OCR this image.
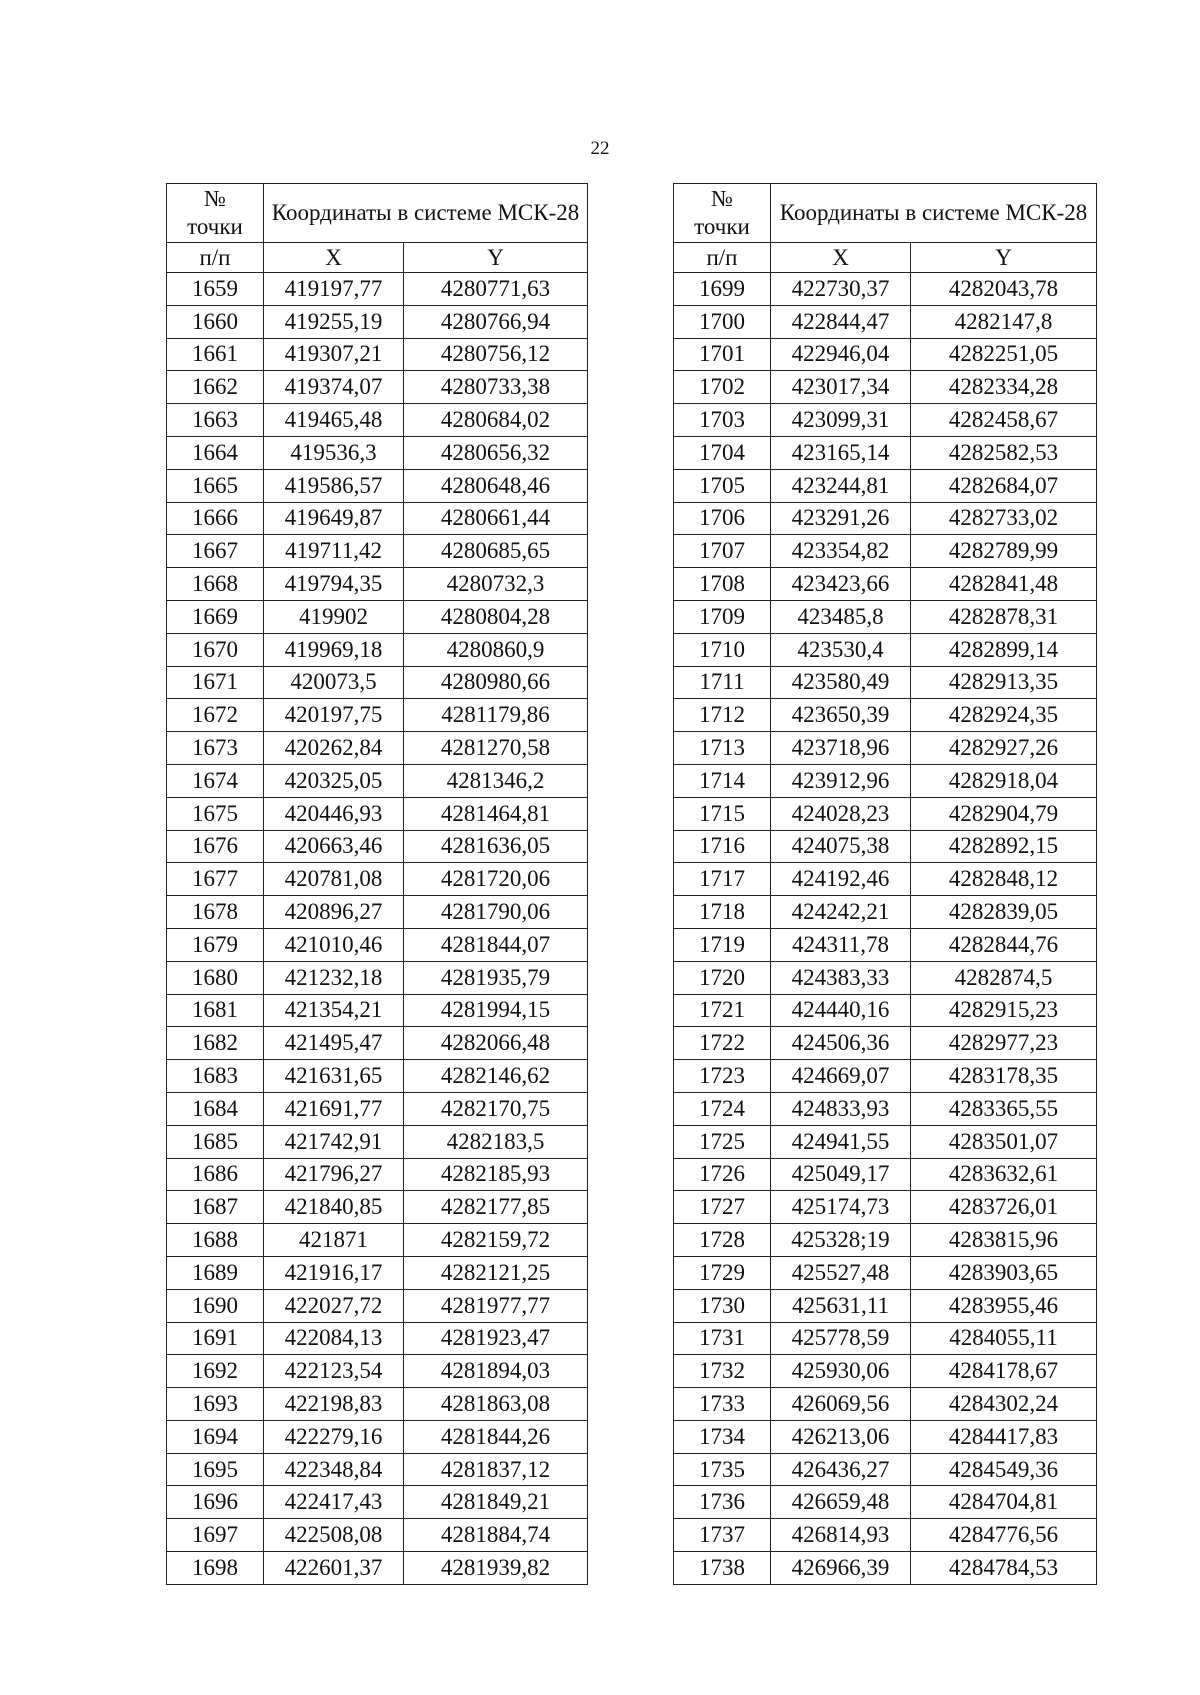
22
№
точки	Координаты в системе МСК-28	
п/п	X	Y
1659	419197,77	4280771,63
1660	419255,19	4280766,94
1661	419307,21	4280756,12
1662	419374,07	4280733,38
1663	419465,48	4280684,02
1664	419536,3	4280656,32
1665	419586,57	4280648,46
1666	419649,87	4280661,44
1667	419711,42	4280685,65
1668	419794,35	4280732,3
1669	419902	4280804,28
1670	419969,18	4280860,9
1671	420073,5	4280980,66
1672	420197,75	4281179,86
1673	420262,84	4281270,58
1674	420325,05	4281346,2
1675	420446,93	4281464,81
1676	420663,46	4281636,05
1677	420781,08	4281720,06
1678	420896,27	4281790,06
1679	421010,46	4281844,07
1680	421232,18	4281935,79
1681	421354,21	4281994,15
1682	421495,47	4282066,48
1683	421631,65	4282146,62
1684	421691,77	4282170,75
1685	421742,91	4282183,5
1686	421796,27	4282185,93
1687	421840,85	4282177,85
1688	421871	4282159,72
1689	421916,17	4282121,25
1690	422027,72	4281977,77
1691	422084,13	4281923,47
1692	422123,54	4281894,03
1693	422198,83	4281863,08
1694	422279,16	4281844,26
1695	422348,84	4281837,12
1696	422417,43	4281849,21
1697	422508,08	4281884,74
1698	422601,37	4281939,82
№
точки	Координаты в системе МСК-28	
п/п	X	Y
1699	422730,37	4282043,78
1700	422844,47	4282147,8
1701	422946,04	4282251,05
1702	423017,34	4282334,28
1703	423099,31	4282458,67
1704	423165,14	4282582,53
1705	423244,81	4282684,07
1706	423291,26	4282733,02
1707	423354,82	4282789,99
1708	423423,66	4282841,48
1709	423485,8	4282878,31
1710	423530,4	4282899,14
1711	423580,49	4282913,35
1712	423650,39	4282924,35
1713	423718,96	4282927,26
1714	423912,96	4282918,04
1715	424028,23	4282904,79
1716	424075,38	4282892,15
1717	424192,46	4282848,12
1718	424242,21	4282839,05
1719	424311,78	4282844,76
1720	424383,33	4282874,5
1721	424440,16	4282915,23
1722	424506,36	4282977,23
1723	424669,07	4283178,35
1724	424833,93	4283365,55
1725	424941,55	4283501,07
1726	425049,17	4283632,61
1727	425174,73	4283726,01
1728	425328;19	4283815,96
1729	425527,48	4283903,65
1730	425631,11	4283955,46
1731	425778,59	4284055,11
1732	425930,06	4284178,67
1733	426069,56	4284302,24
1734	426213,06	4284417,83
1735	426436,27	4284549,36
1736	426659,48	4284704,81
1737	426814,93	4284776,56
1738	426966,39	4284784,53
